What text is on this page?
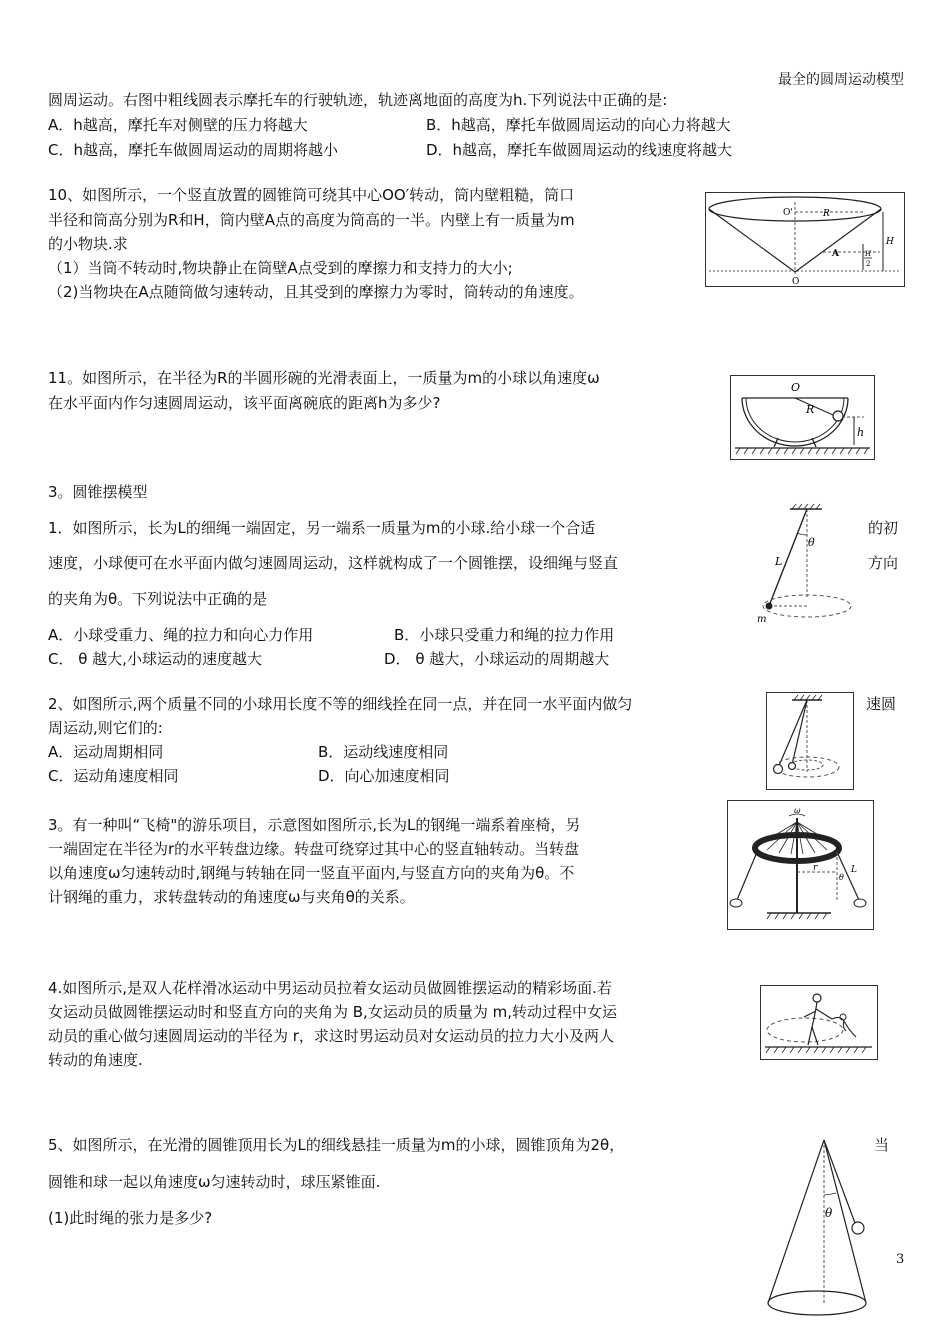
最全的圆周运动模型
圆周运动。右图中粗线圆表示摩托车的行驶轨迹，轨迹离地面的高度为h.下列说法中正确的是:
A．h越高，摩托车对侧壁的压力将越大	B．h越高，摩托车做圆周运动的向心力将越大
C．h越高，摩托车做圆周运动的周期将越小	D．h越高，摩托车做圆周运动的线速度将越大
10、如图所示，一个竖直放置的圆锥筒可绕其中心OO′转动，筒内壁粗糙，筒口
半径和筒高分别为R和H，筒内壁A点的高度为筒高的一半。内壁上有一质量为m
的小物块.求
（1）当筒不转动时,物块静止在筒壁A点受到的摩擦力和支持力的大小;
（2)当物块在A点随筒做匀速转动，且其受到的摩擦力为零时，筒转动的角速度。
O'	R
H
A	H
2
O
11。如图所示，在半径为R的半圆形碗的光滑表面上，一质量为m的小球以角速度ω
在水平面内作匀速圆周运动，该平面离碗底的距离h为多少?
O
R
h
3。圆锥摆模型
1．如图所示，长为L的细绳一端固定，另一端系一质量为m的小球.给小球一个合适	的初
速度，小球便可在水平面内做匀速圆周运动，这样就构成了一个圆锥摆，设细绳与竖直	方向
的夹角为θ。下列说法中正确的是
A．小球受重力、绳的拉力和向心力作用	B．小球只受重力和绳的拉力作用
C． θ 越大,小球运动的速度越大	D． θ 越大，小球运动的周期越大
θ
L
m
2、如图所示,两个质量不同的小球用长度不等的细线拴在同一点，并在同一水平面内做匀	速圆
周运动,则它们的:
A．运动周期相同	B．运动线速度相同
C．运动角速度相同	D．向心加速度相同
3。有一种叫“飞椅"的游乐项目，示意图如图所示,长为L的钢绳一端系着座椅，另
一端固定在半径为r的水平转盘边缘。转盘可绕穿过其中心的竖直轴转动。当转盘
以角速度ω匀速转动时,钢绳与转轴在同一竖直平面内,与竖直方向的夹角为θ。不
计钢绳的重力，求转盘转动的角速度ω与夹角θ的关系。
ω
r	L
θ
4.如图所示,是双人花样滑冰运动中男运动员拉着女运动员做圆锥摆运动的精彩场面.若
女运动员做圆锥摆运动时和竖直方向的夹角为 B,女运动员的质量为 m,转动过程中女运
动员的重心做匀速圆周运动的半径为 r，求这时男运动员对女运动员的拉力大小及两人
转动的角速度.
5、如图所示，在光滑的圆锥顶用长为L的细线悬挂一质量为m的小球，圆锥顶角为2θ，	当
圆锥和球一起以角速度ω匀速转动时，球压紧锥面.
(1)此时绳的张力是多少?	θ
3
